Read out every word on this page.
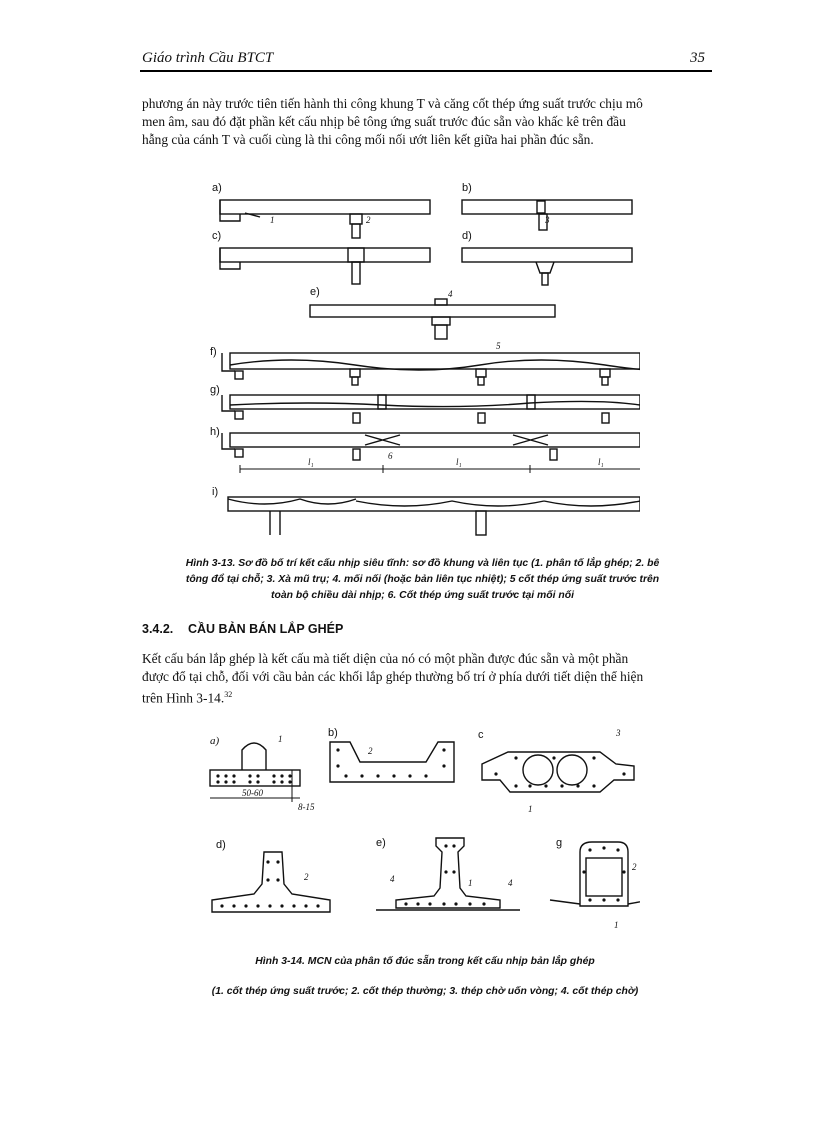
Giáo trình Cầu BTCT	35
phương án này trước tiên tiến hành thi công khung T và căng cốt thép ứng suất trước chịu mô
men âm, sau đó đặt phần kết cấu nhịp bê tông ứng suất trước đúc sẵn vào khấc kê trên đầu
hẫng của cánh T và cuối cùng là thi công mối nối ướt liên kết giữa hai phần đúc sẵn.
a)	b)
c)	d)
e)
f)
g)
h)
i)
1	2	3
4
5
6
l₁	l₁	l₁
Hình 3-13. Sơ đồ bố trí kết cấu nhịp siêu tĩnh: sơ đồ khung và liên tục (1. phân tố lắp ghép; 2. bê
tông đổ tại chỗ; 3. Xà mũ trụ; 4. mối nối (hoặc bản liên tục nhiệt); 5 cốt thép ứng suất trước trên
toàn bộ chiều dài nhịp; 6. Cốt thép ứng suất trước tại mối nối
3.4.2. CẦU BẢN BÁN LẮP GHÉP
Kết cấu bán lắp ghép là kết cấu mà tiết diện của nó có một phần được đúc sẵn và một phần
được đổ tại chỗ, đối với cầu bản các khối lắp ghép thường bố trí ở phía dưới tiết diện thể hiện
trên Hình 3-14.32
a)
b)	c
d)	e)	g
50-60
8-15
1
2
3
1
2	4	1	4
2
1
Hình 3-14. MCN của phân tố đúc sẵn trong kết cấu nhịp bản lắp ghép
(1. cốt thép ứng suất trước; 2. cốt thép thường; 3. thép chờ uốn vòng; 4. cốt thép chờ)
